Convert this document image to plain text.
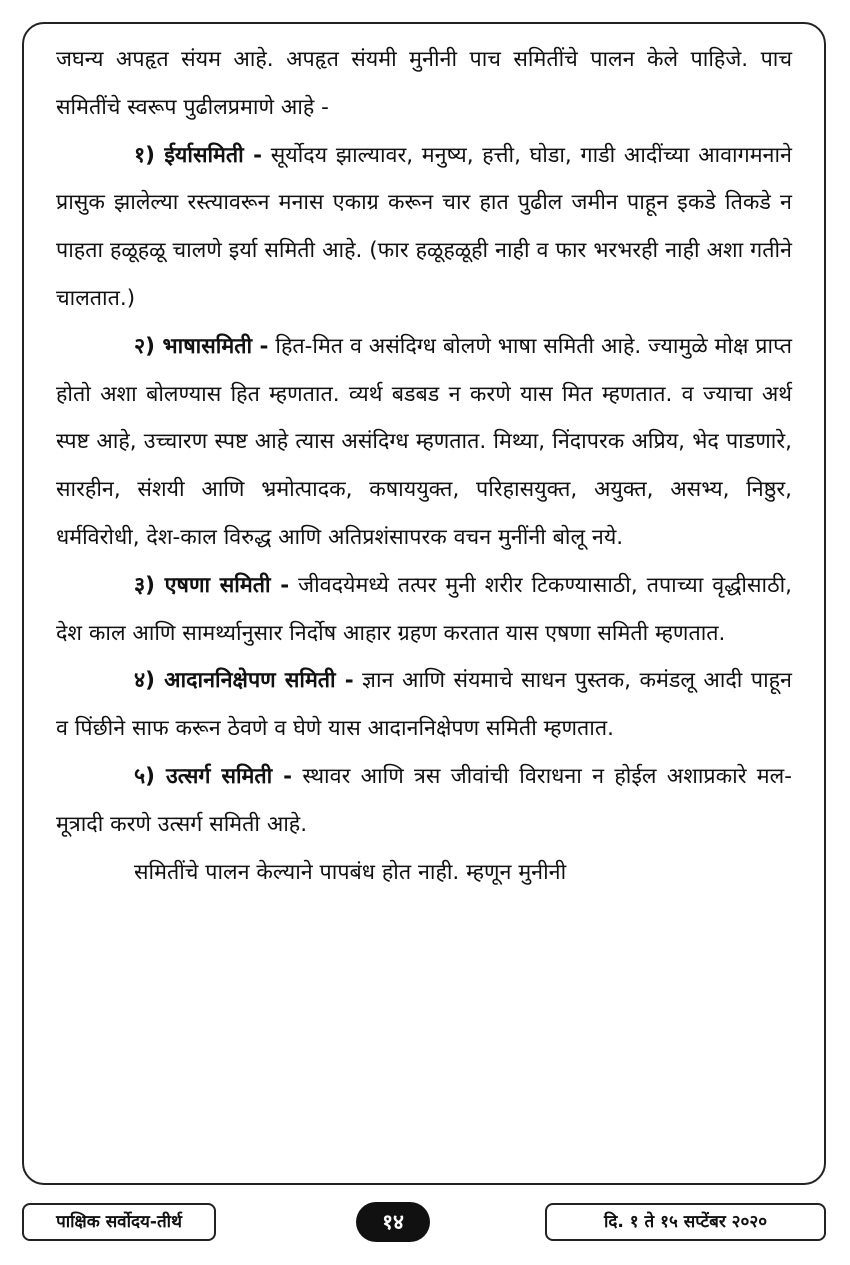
जघन्य अपहृत संयम आहे. अपहृत संयमी मुनीनी पाच समितींचे पालन केले पाहिजे. पाच समितींचे स्वरूप पुढीलप्रमाणे आहे -

१) ईर्यासमिती - सूर्योदय झाल्यावर, मनुष्य, हत्ती, घोडा, गाडी आदींच्या आवागमनाने प्रासुक झालेल्या रस्त्यावरून मनास एकाग्र करून चार हात पुढील जमीन पाहून इकडे तिकडे न पाहता हळूहळू चालणे इर्या समिती आहे. (फार हळूहळूही नाही व फार भरभरही नाही अशा गतीने चालतात.)

२) भाषासमिती - हित-मित व असंदिग्ध बोलणे भाषा समिती आहे. ज्यामुळे मोक्ष प्राप्त होतो अशा बोलण्यास हित म्हणतात. व्यर्थ बडबड न करणे यास मित म्हणतात. व ज्याचा अर्थ स्पष्ट आहे, उच्चारण स्पष्ट आहे त्यास असंदिग्ध म्हणतात. मिथ्या, निंदापरक अप्रिय, भेद पाडणारे, सारहीन, संशयी आणि भ्रमोत्पादक, कषाययुक्त, परिहासयुक्त, अयुक्त, असभ्य, निष्ठुर, धर्मविरोधी, देश-काल विरुद्ध आणि अतिप्रशंसापरक वचन मुनींनी बोलू नये.

३) एषणा समिती - जीवदयेमध्ये तत्पर मुनी शरीर टिकण्यासाठी, तपाच्या वृद्धीसाठी, देश काल आणि सामर्थ्यानुसार निर्दोष आहार ग्रहण करतात यास एषणा समिती म्हणतात.

४) आदाननिक्षेपण समिती - ज्ञान आणि संयमाचे साधन पुस्तक, कमंडलू आदी पाहून व पिंछीने साफ करून ठेवणे व घेणे यास आदाननिक्षेपण समिती म्हणतात.

५) उत्सर्ग समिती - स्थावर आणि त्रस जीवांची विराधना न होईल अशाप्रकारे मल-मूत्रादी करणे उत्सर्ग समिती आहे.

समितींचे पालन केल्याने पापबंध होत नाही. म्हणून मुनीनी

पाक्षिक सर्वोदय-तीर्थ	१४	दि. १ ते १५ सप्टेंबर २०२०
